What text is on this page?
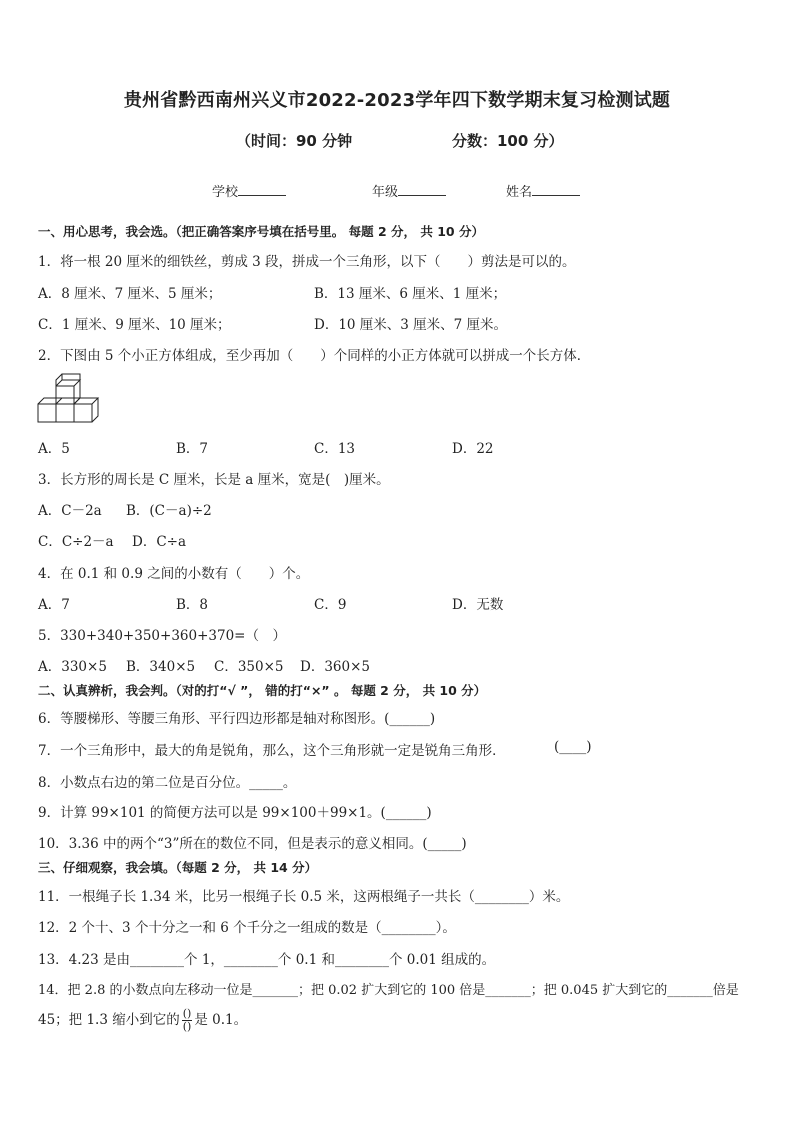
贵州省黔西南州兴义市2022-2023学年四下数学期末复习检测试题
（时间：90 分钟	分数：100 分）
学校	年级	姓名
一、用心思考，我会选。（把正确答案序号填在括号里。 每题 2 分， 共 10 分）
1．将一根 20 厘米的细铁丝，剪成 3 段，拼成一个三角形，以下（　　）剪法是可以的。
A．8 厘米、7 厘米、5 厘米；	B．13 厘米、6 厘米、1 厘米；
C．1 厘米、9 厘米、10 厘米；	D．10 厘米、3 厘米、7 厘米。
2．下图由 5 个小正方体组成，至少再加（　　）个同样的小正方体就可以拼成一个长方体．
A．5	B．7	C．13	D．22
3．长方形的周长是 C 厘米，长是 a 厘米，宽是(　)厘米。
A．C－2a B．(C－a)÷2
C．C÷2－a D．C÷a
4．在 0.1 和 0.9 之间的小数有（　　）个。
A．7	B．8	C．9	D．无数
5．330+340+350+360+370=（　）
A．330×5 B．340×5 C．350×5 D．360×5
二、认真辨析，我会判。（对的打“√ ”， 错的打“×” 。 每题 2 分， 共 10 分）
6．等腰梯形、等腰三角形、平行四边形都是轴对称图形。(______)
7．一个三角形中，最大的角是锐角，那么，这个三角形就一定是锐角三角形．	(____)
8．小数点右边的第二位是百分位。_____。
9．计算 99×101 的简便方法可以是 99×100＋99×1。(______)
10．3.36 中的两个“3”所在的数位不同，但是表示的意义相同。(_____)
三、仔细观察，我会填。（每题 2 分， 共 14 分）
11．一根绳子长 1.34 米，比另一根绳子长 0.5 米，这两根绳子一共长（________）米。
12．2 个十、3 个十分之一和 6 个千分之一组成的数是（________）。
13．4.23 是由________个 1，________个 0.1 和________个 0.01 组成的。
14．把 2.8 的小数点向左移动一位是_______；把 0.02 扩大到它的 100 倍是_______；把 0.045 扩大到它的_______倍是
45；把 1.3 缩小到它的 $\frac{()}{()}$ 是 0.1。
